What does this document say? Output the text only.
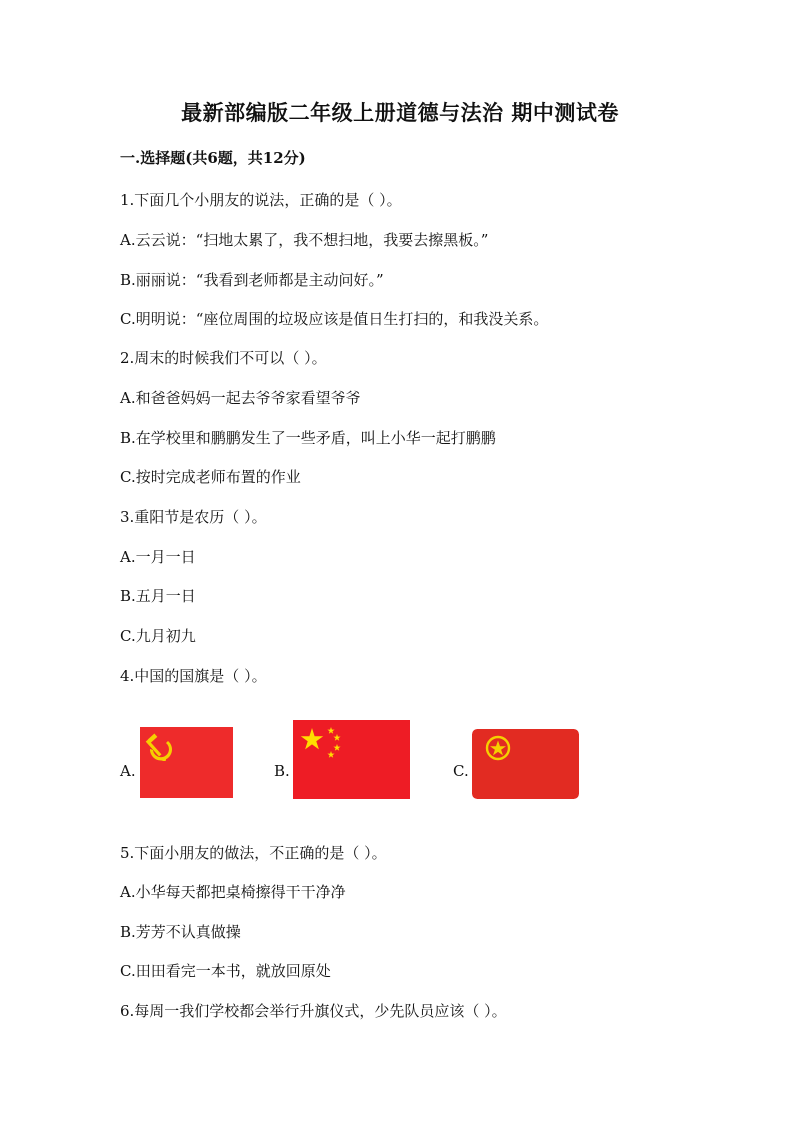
最新部编版二年级上册道德与法治 期中测试卷
一.选择题(共6题，共12分)
1.下面几个小朋友的说法，正确的是（ ）。
A.云云说：“扫地太累了，我不想扫地，我要去擦黑板。”
B.丽丽说：“我看到老师都是主动问好。”
C.明明说：“座位周围的垃圾应该是值日生打扫的，和我没关系。
2.周末的时候我们不可以（ ）。
A.和爸爸妈妈一起去爷爷家看望爷爷
B.在学校里和鹏鹏发生了一些矛盾，叫上小华一起打鹏鹏
C.按时完成老师布置的作业
3.重阳节是农历（ ）。
A.一月一日
B.五月一日
C.九月初九
4.中国的国旗是（ ）。
A.	B.	C.
5.下面小朋友的做法，不正确的是（ ）。
A.小华每天都把桌椅擦得干干净净
B.芳芳不认真做操
C.田田看完一本书，就放回原处
6.每周一我们学校都会举行升旗仪式，少先队员应该（ ）。
